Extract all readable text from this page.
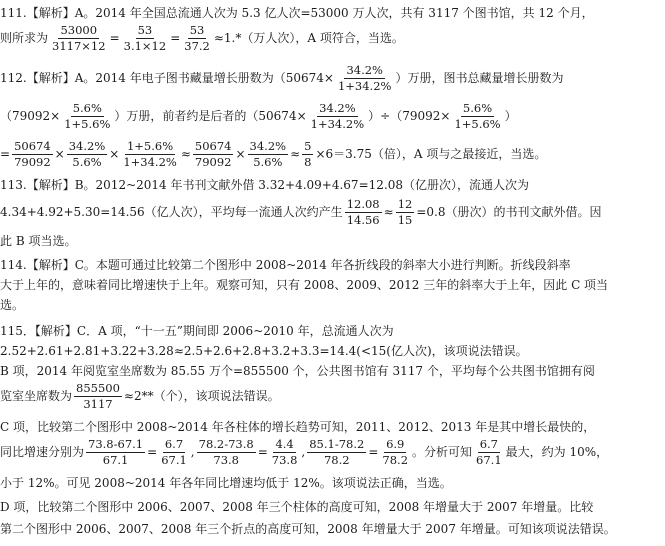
111.【解析】A。2014 年全国总流通人次为 5.3 亿人次=53000 万人次，共有 3117 个图书馆，共 12 个月，
则所求为 $\frac{53000}{3117\times 12} = \frac{53}{3.1\times 12} = \frac{53}{37.2} \approx 1.*$（万人次），A 项符合，当选。
112.【解析】A。2014 年电子图书藏量增长册数为（$50674\times \frac{34.2\%}{1+34.2\%}$ ）万册，图书总藏量增长册数为
（$79092\times \frac{5.6\%}{1+5.6\%}$ ）万册，前者约是后者的$(50674\times \frac{34.2\%}{1+34.2\%} )\div(79092\times \frac{5.6\%}{1+5.6\%}$ ）
= $\frac{50674}{79092} \times \frac{34.2\%}{5.6\%} \times \frac{1+5.6\%}{1+34.2\%} \approx \frac{50674}{79092} \times \frac{34.2\%}{5.6\%} \approx \frac{5}{8} \times 6=3.75$（倍），A 项与之最接近，当选。
113.【解析】B。2012~2014 年书刊文献外借 3.32+4.09+4.67=12.08（亿册次），流通人次为
4.34+4.92+5.30=14.56（亿人次），平均每一流通人次约产生 $\frac{12.08}{14.56} \approx \frac{12}{15} =0.8$（册次）的书刊文献外借。因
此 B 项当选。
114.【解析】C。本题可通过比较第二个图形中 2008~2014 年各折线段的斜率大小进行判断。折线段斜率
大于上年的，意味着同比增速快于上年。观察可知，只有 2008、2009、2012 三年的斜率大于上年，因此 C 项当
选。
115．【解析】C．A 项，“十一五”期间即 2006~2010 年，总流通人次为
2.52+2.61+2.81+3.22+3.28≈2.5+2.6+2.8+3.2+3.3=14.4(<15(亿人次)，该项说法错误。
B 项，2014 年阅览室坐席数为 85.55 万个=855500 个，公共图书馆有 3117 个，平均每个公共图书馆拥有阅
览室坐席数为 $\frac{855500}{3117} \approx 2**$（个），该项说法错误。
C 项，比较第二个图形中 2008~2014 年各柱体的增长趋势可知，2011、2012、2013 年是其中增长最快的，
同比增速分别为 $\frac{73.8-67.1}{67.1} = \frac{6.7}{67.1}$ , $\frac{78.2-73.8}{73.8} = \frac{4.4}{73.8}$ , $\frac{85.1-78.2}{78.2} = \frac{6.9}{78.2}$ 。分析可知 $\frac{6.7}{67.1}$ 最大，约为 10%，
小于 12%。可见 2008~2014 年各年同比增速均低于 12%。该项说法正确，当选。
D 项，比较第二个图形中 2006、2007、2008 年三个柱体的高度可知，2008 年增量大于 2007 年增量。比较
第二个图形中 2006、2007、2008 年三个折点的高度可知，2008 年增量大于 2007 年增量。可知该项说法错误。
